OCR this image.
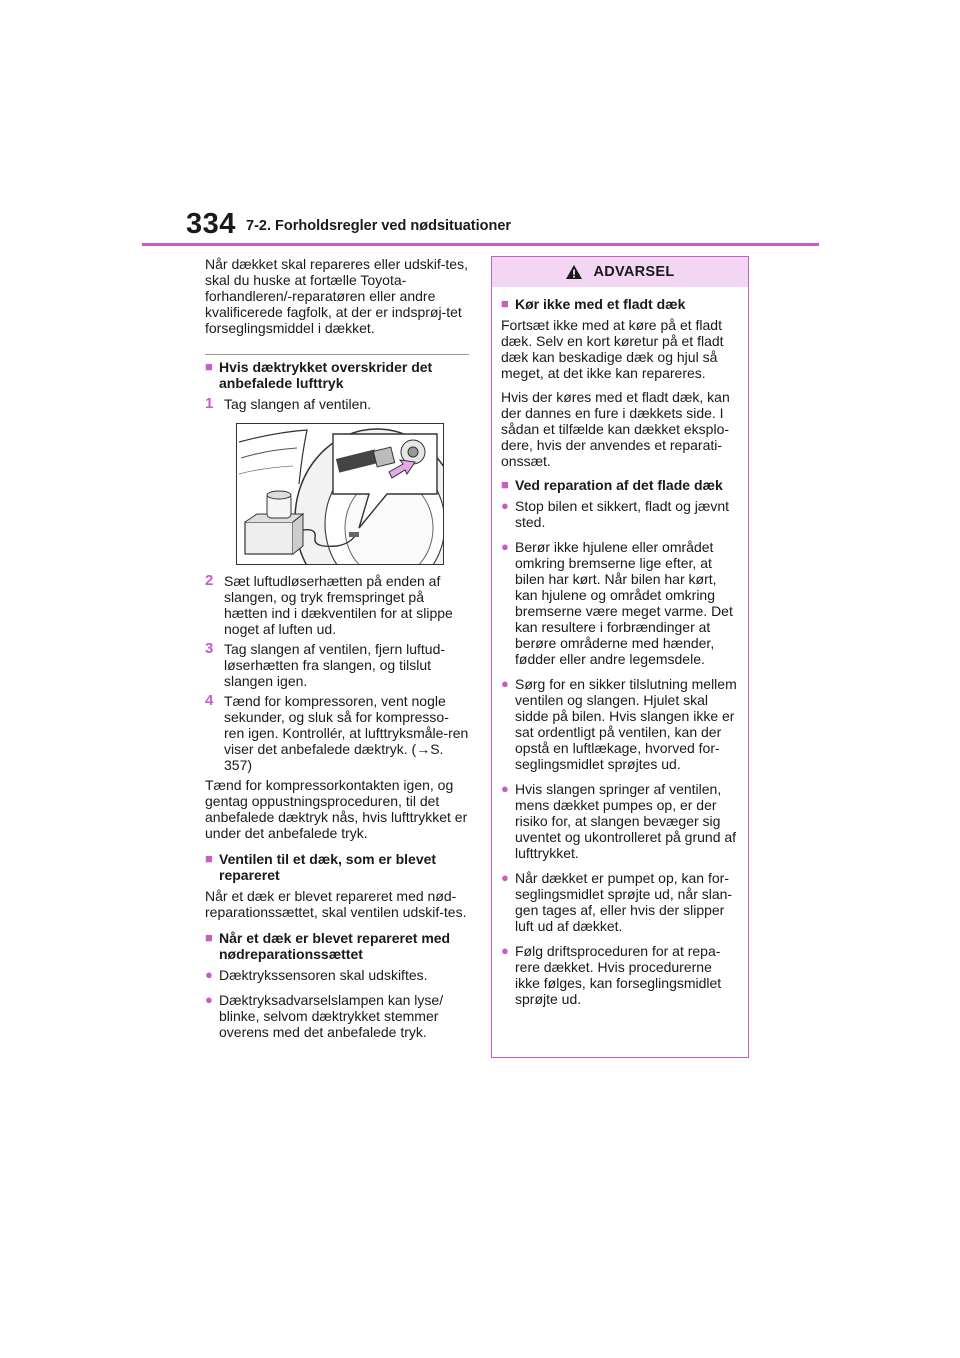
334 7-2. Forholdsregler ved nødsituationer

Når dækket skal repareres eller udskif-tes, skal du huske at fortælle Toyota-forhandleren/-reparatøren eller andre kvalificerede fagfolk, at der er indsprøj-tet forseglingsmiddel i dækket.

■ Hvis dæktrykket overskrider det anbefalede lufttryk

1 Tag slangen af ventilen.
2 Sæt luftudløserhætten på enden af slangen, og tryk fremspringet på hætten ind i dækventilen for at slippe noget af luften ud.
3 Tag slangen af ventilen, fjern luftud-løserhætten fra slangen, og tilslut slangen igen.
4 Tænd for kompressoren, vent nogle sekunder, og sluk så for kompresso-ren igen. Kontrollér, at lufttryksmåle-ren viser det anbefalede dæktryk. (→S. 357)

Tænd for kompressorkontakten igen, og gentag oppustningsproceduren, til det anbefalede dæktryk nås, hvis lufttrykket er under det anbefalede tryk.

■ Ventilen til et dæk, som er blevet repareret

Når et dæk er blevet repareret med nød-reparationssættet, skal ventilen udskif-tes.

■ Når et dæk er blevet repareret med nødreparationssættet

● Dæktrykssensoren skal udskiftes.
● Dæktryksadvarselslampen kan lyse/ blinke, selvom dæktrykket stemmer overens med det anbefalede tryk.
ADVARSEL

■ Kør ikke med et fladt dæk

Fortsæt ikke med at køre på et fladt dæk. Selv en kort køretur på et fladt dæk kan beskadige dæk og hjul så meget, at det ikke kan repareres.

Hvis der køres med et fladt dæk, kan der dannes en fure i dækkets side. I sådan et tilfælde kan dækket eksplo-dere, hvis der anvendes et reparati-onssæt.

■ Ved reparation af det flade dæk

● Stop bilen et sikkert, fladt og jævnt sted.
● Berør ikke hjulene eller området omkring bremserne lige efter, at bilen har kørt. Når bilen har kørt, kan hjulene og området omkring bremserne være meget varme. Det kan resultere i forbrændinger at berøre områderne med hænder, fødder eller andre legemsdele.
● Sørg for en sikker tilslutning mellem ventilen og slangen. Hjulet skal sidde på bilen. Hvis slangen ikke er sat ordentligt på ventilen, kan der opstå en luftlækage, hvorved for-seglingsmidlet sprøjtes ud.
● Hvis slangen springer af ventilen, mens dækket pumpes op, er der risiko for, at slangen bevæger sig uventet og ukontrolleret på grund af lufttrykket.
● Når dækket er pumpet op, kan for-seglingsmidlet sprøjte ud, når slan-gen tages af, eller hvis der slipper luft ud af dækket.
● Følg driftsproceduren for at repa-rere dækket. Hvis procedurerne ikke følges, kan forseglingsmidlet sprøjte ud.
